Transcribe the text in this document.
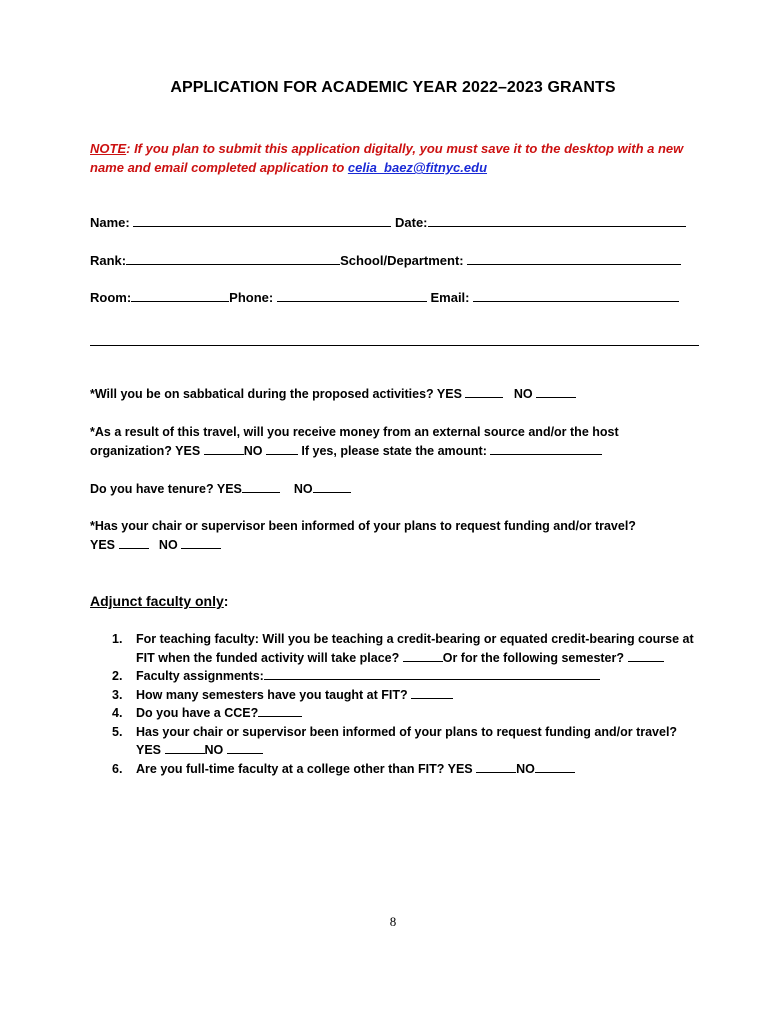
APPLICATION FOR ACADEMIC YEAR 2022–2023 GRANTS
NOTE: If you plan to submit this application digitally, you must save it to the desktop with a new name and email completed application to celia_baez@fitnyc.edu
Name:	Date:
Rank:	School/Department:
Room:	Phone:	Email:
*Will you be on sabbatical during the proposed activities? YES	NO
*As a result of this travel, will you receive money from an external source and/or the host
organization? YES	NO	If yes, please state the amount:
Do you have tenure? YES	NO
*Has your chair or supervisor been informed of your plans to request funding and/or travel?
YES	NO
Adjunct faculty only:
1. For teaching faculty: Will you be teaching a credit-bearing or equated credit-bearing course at FIT when the funded activity will take place?	Or for the following semester?
2. Faculty assignments:
3. How many semesters have you taught at FIT?
4. Do you have a CCE?
5. Has your chair or supervisor been informed of your plans to request funding and/or travel? YES	NO
6. Are you full-time faculty at a college other than FIT? YES	NO
8
